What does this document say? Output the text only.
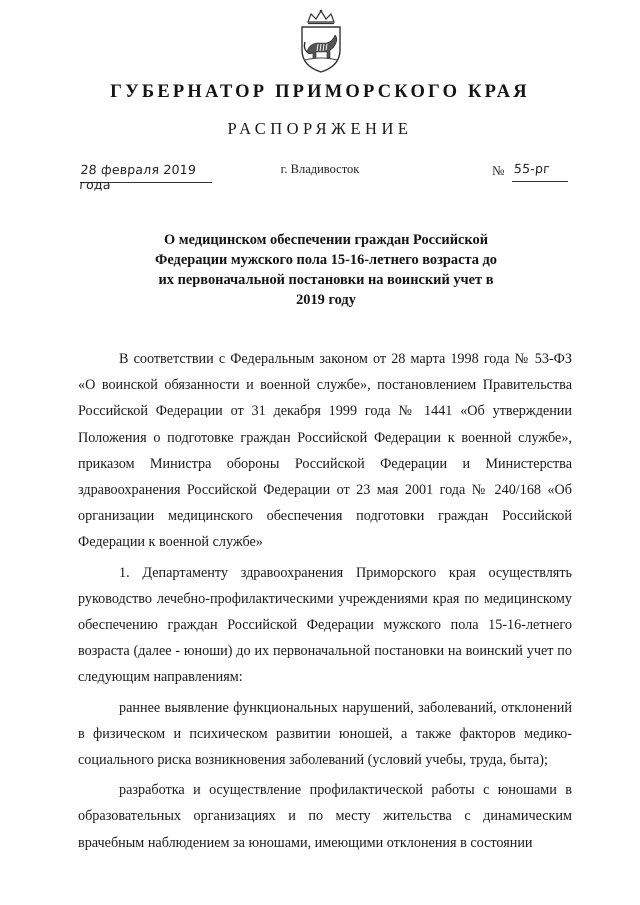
ГУБЕРНАТОР ПРИМОРСКОГО КРАЯ
РАСПОРЯЖЕНИЕ
28 февраля 2019 года
г. Владивосток	№ 55-рг
О медицинском обеспечении граждан Российской Федерации мужского пола 15-16-летнего возраста до их первоначальной постановки на воинский учет в 2019 году

В соответствии с Федеральным законом от 28 марта 1998 года № 53-ФЗ «О воинской обязанности и военной службе», постановлением Правительства Российской Федерации от 31 декабря 1999 года № 1441 «Об утверждении Положения о подготовке граждан Российской Федерации к военной службе», приказом Министра обороны Российской Федерации и Министерства здравоохранения Российской Федерации от 23 мая 2001 года № 240/168 «Об организации медицинского обеспечения подготовки граждан Российской Федерации к военной службе»

1. Департаменту здравоохранения Приморского края осуществлять руководство лечебно-профилактическими учреждениями края по медицинскому обеспечению граждан Российской Федерации мужского пола 15-16-летнего возраста (далее - юноши) до их первоначальной постановки на воинский учет по следующим направлениям:

раннее выявление функциональных нарушений, заболеваний, отклонений в физическом и психическом развитии юношей, а также факторов медико-социального риска возникновения заболеваний (условий учебы, труда, быта);

разработка и осуществление профилактической работы с юношами в образовательных организациях и по месту жительства с динамическим врачебным наблюдением за юношами, имеющими отклонения в состоянии
